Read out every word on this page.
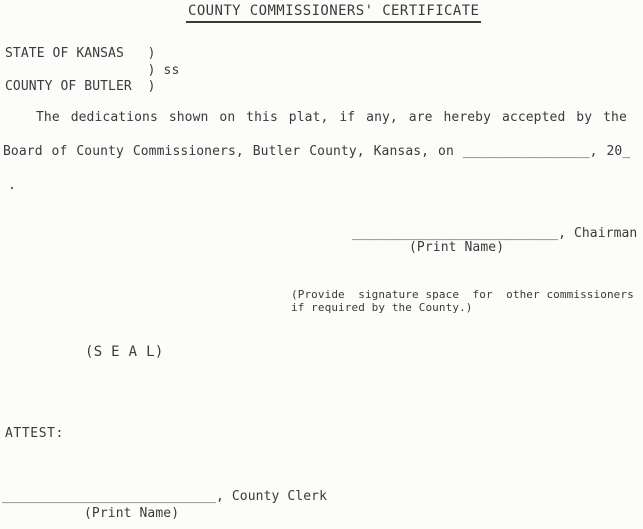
COUNTY COMMISSIONERS' CERTIFICATE
STATE OF KANSAS   )
) ss
COUNTY OF BUTLER  )
The dedications shown on this plat, if any, are hereby accepted by the
Board of County Commissioners, Butler County, Kansas, on ________________, 20_
.
__________________________, Chairman
(Print Name)
(Provide  signature space  for  other commissioners
if required by the County.)
(S E A L)
ATTEST:
___________________________, County Clerk
(Print Name)
